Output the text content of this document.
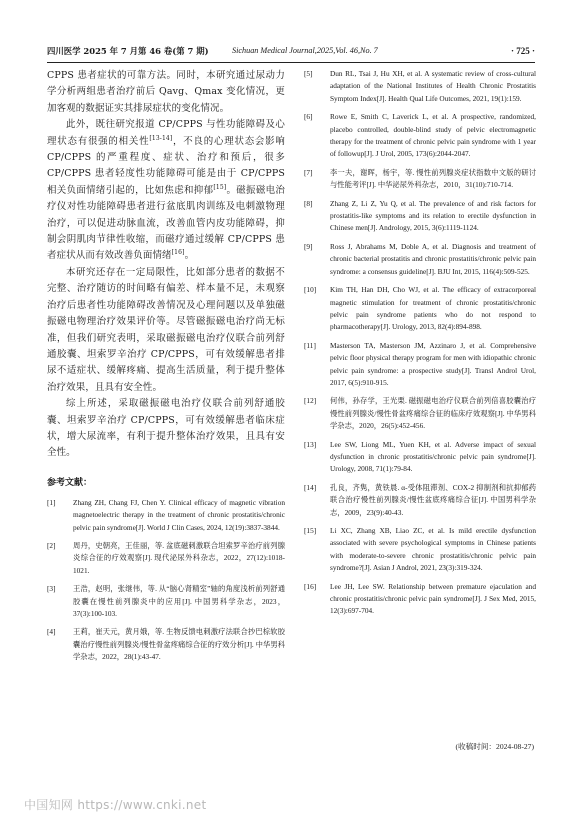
四川医学 2025 年 7 月第 46 卷(第 7 期)	Sichuan Medical Journal,2025,Vol. 46,No. 7	· 725 ·

CPPS 患者症状的可靠方法。同时，本研究通过尿动力学分析两组患者治疗前后 Qavg、Qmax 变化情况，更加客观的数据证实其排尿症状的变化情况。

此外，既往研究报道 CP/CPPS 与性功能障碍及心理状态有很强的相关性[13-14]，不良的心理状态会影响 CP/CPPS 的严重程度、症状、治疗和预后，很多 CP/CPPS 患者轻度性功能障碍可能是由于 CP/CPPS 相关负面情绪引起的，比如焦虑和抑郁[15]。磁振磁电治疗仪对性功能障碍患者进行盆底肌肉训练及电刺激物理治疗，可以促进动脉血流，改善血管内皮功能障碍，抑制会阴肌肉节律性收缩，而磁疗通过缓解 CP/CPPS 患者症状从而有效改善负面情绪[16]。

本研究还存在一定局限性，比如部分患者的数据不完整、治疗随访的时间略有偏差、样本量不足，未观察治疗后患者性功能障碍改善情况及心理问题以及单独磁振磁电物理治疗效果评价等。尽管磁振磁电治疗尚无标准，但我们研究表明，采取磁振磁电治疗仪联合前列舒通胶囊、坦索罗辛治疗 CP/CPPS，可有效缓解患者排尿不适症状、缓解疼痛、提高生活质量，利于提升整体治疗效果，且具有安全性。

综上所述，采取磁振磁电治疗仪联合前列舒通胶囊、坦索罗辛治疗 CP/CPPS，可有效缓解患者临床症状，增大尿流率，有利于提升整体治疗效果，且具有安全性。

参考文献：
[1] Zhang ZH, Chang FJ, Chen Y. Clinical efficacy of magnetic vibration magnetoelectric therapy in the treatment of chronic prostatitis/chronic pelvic pain syndrome[J]. World J Clin Cases, 2024, 12(19):3837-3844.
[2] 周丹，史朝亮，王佳丽，等. 盆底磁刺激联合坦索罗辛治疗前列腺炎综合征的疗效观察[J]. 现代泌尿外科杂志，2022，27(12):1018-1021.
[3] 王浩，赵明，张继伟，等. 从“脑心肾精室”轴的角度浅析前列舒通胶囊在慢性前列腺炎中的应用[J]. 中国男科学杂志，2023，37(3):100-103.
[4] 王莉，崔天元，黄月娥，等. 生物反馈电刺激疗法联合抄巴棕软胶囊治疗慢性前列腺炎/慢性骨盆疼痛综合征的疗效分析[J]. 中华男科学杂志，2022，28(1):43-47.
[5] Dun RL, Tsai J, Hu XH, et al. A systematic review of cross-cultural adaptation of the National Institutes of Health Chronic Prostatitis Symptom Index[J]. Health Qual Life Outcomes, 2021, 19(1):159.
[6] Rowe E, Smith C, Laverick L, et al. A prospective, randomized, placebo controlled, double-blind study of pelvic electromagnetic therapy for the treatment of chronic pelvic pain syndrome with 1 year of followup[J]. J Urol, 2005, 173(6):2044-2047.
[7] 李一夫，谢晖，杨宇，等. 慢性前列腺炎症状指数中文版的研讨与性能考评[J]. 中华泌尿外科杂志，2010，31(10):710-714.
[8] Zhang Z, Li Z, Yu Q, et al. The prevalence of and risk factors for prostatitis-like symptoms and its relation to erectile dysfunction in Chinese men[J]. Andrology, 2015, 3(6):1119-1124.
[9] Ross J, Abrahams M, Doble A, et al. Diagnosis and treatment of chronic bacterial prostatitis and chronic prostatitis/chronic pelvic pain syndrome: a consensus guideline[J]. BJU Int, 2015, 116(4):509-525.
[10] Kim TH, Han DH, Cho WJ, et al. The efficacy of extracorporeal magnetic stimulation for treatment of chronic prostatitis/chronic pelvic pain syndrome patients who do not respond to pharmacotherapy[J]. Urology, 2013, 82(4):894-898.
[11] Masterson TA, Masterson JM, Azzinaro J, et al. Comprehensive pelvic floor physical therapy program for men with idiopathic chronic pelvic pain syndrome: a prospective study[J]. Transl Androl Urol, 2017, 6(5):910-915.
[12] 何伟，孙存学，王光栗. 磁振磁电治疗仪联合前列倍喜胶囊治疗慢性前列腺炎/慢性骨盆疼痛综合征的临床疗效观察[J]. 中华男科学杂志，2020，26(5):452-456.
[13] Lee SW, Liong ML, Yuen KH, et al. Adverse impact of sexual dysfunction in chronic prostatitis/chronic pelvic pain syndrome[J]. Urology, 2008, 71(1):79-84.
[14] 孔良，齐隽，黄铁晨. α-受体阻滞剂、COX-2 抑制剂和抗抑郁药联合治疗慢性前列腺炎/慢性盆底疼痛综合征[J]. 中国男科学杂志，2009，23(9):40-43.
[15] Li XC, Zhang XB, Liao ZC, et al. Is mild erectile dysfunction associated with severe psychological symptoms in Chinese patients with moderate-to-severe chronic prostatitis/chronic pelvic pain syndrome?[J]. Asian J Androl, 2021, 23(3):319-324.
[16] Lee JH, Lee SW. Relationship between premature ejaculation and chronic prostatitis/chronic pelvic pain syndrome[J]. J Sex Med, 2015, 12(3):697-704.
(收稿时间：2024-08-27)
中国知网 https://www.cnki.net
